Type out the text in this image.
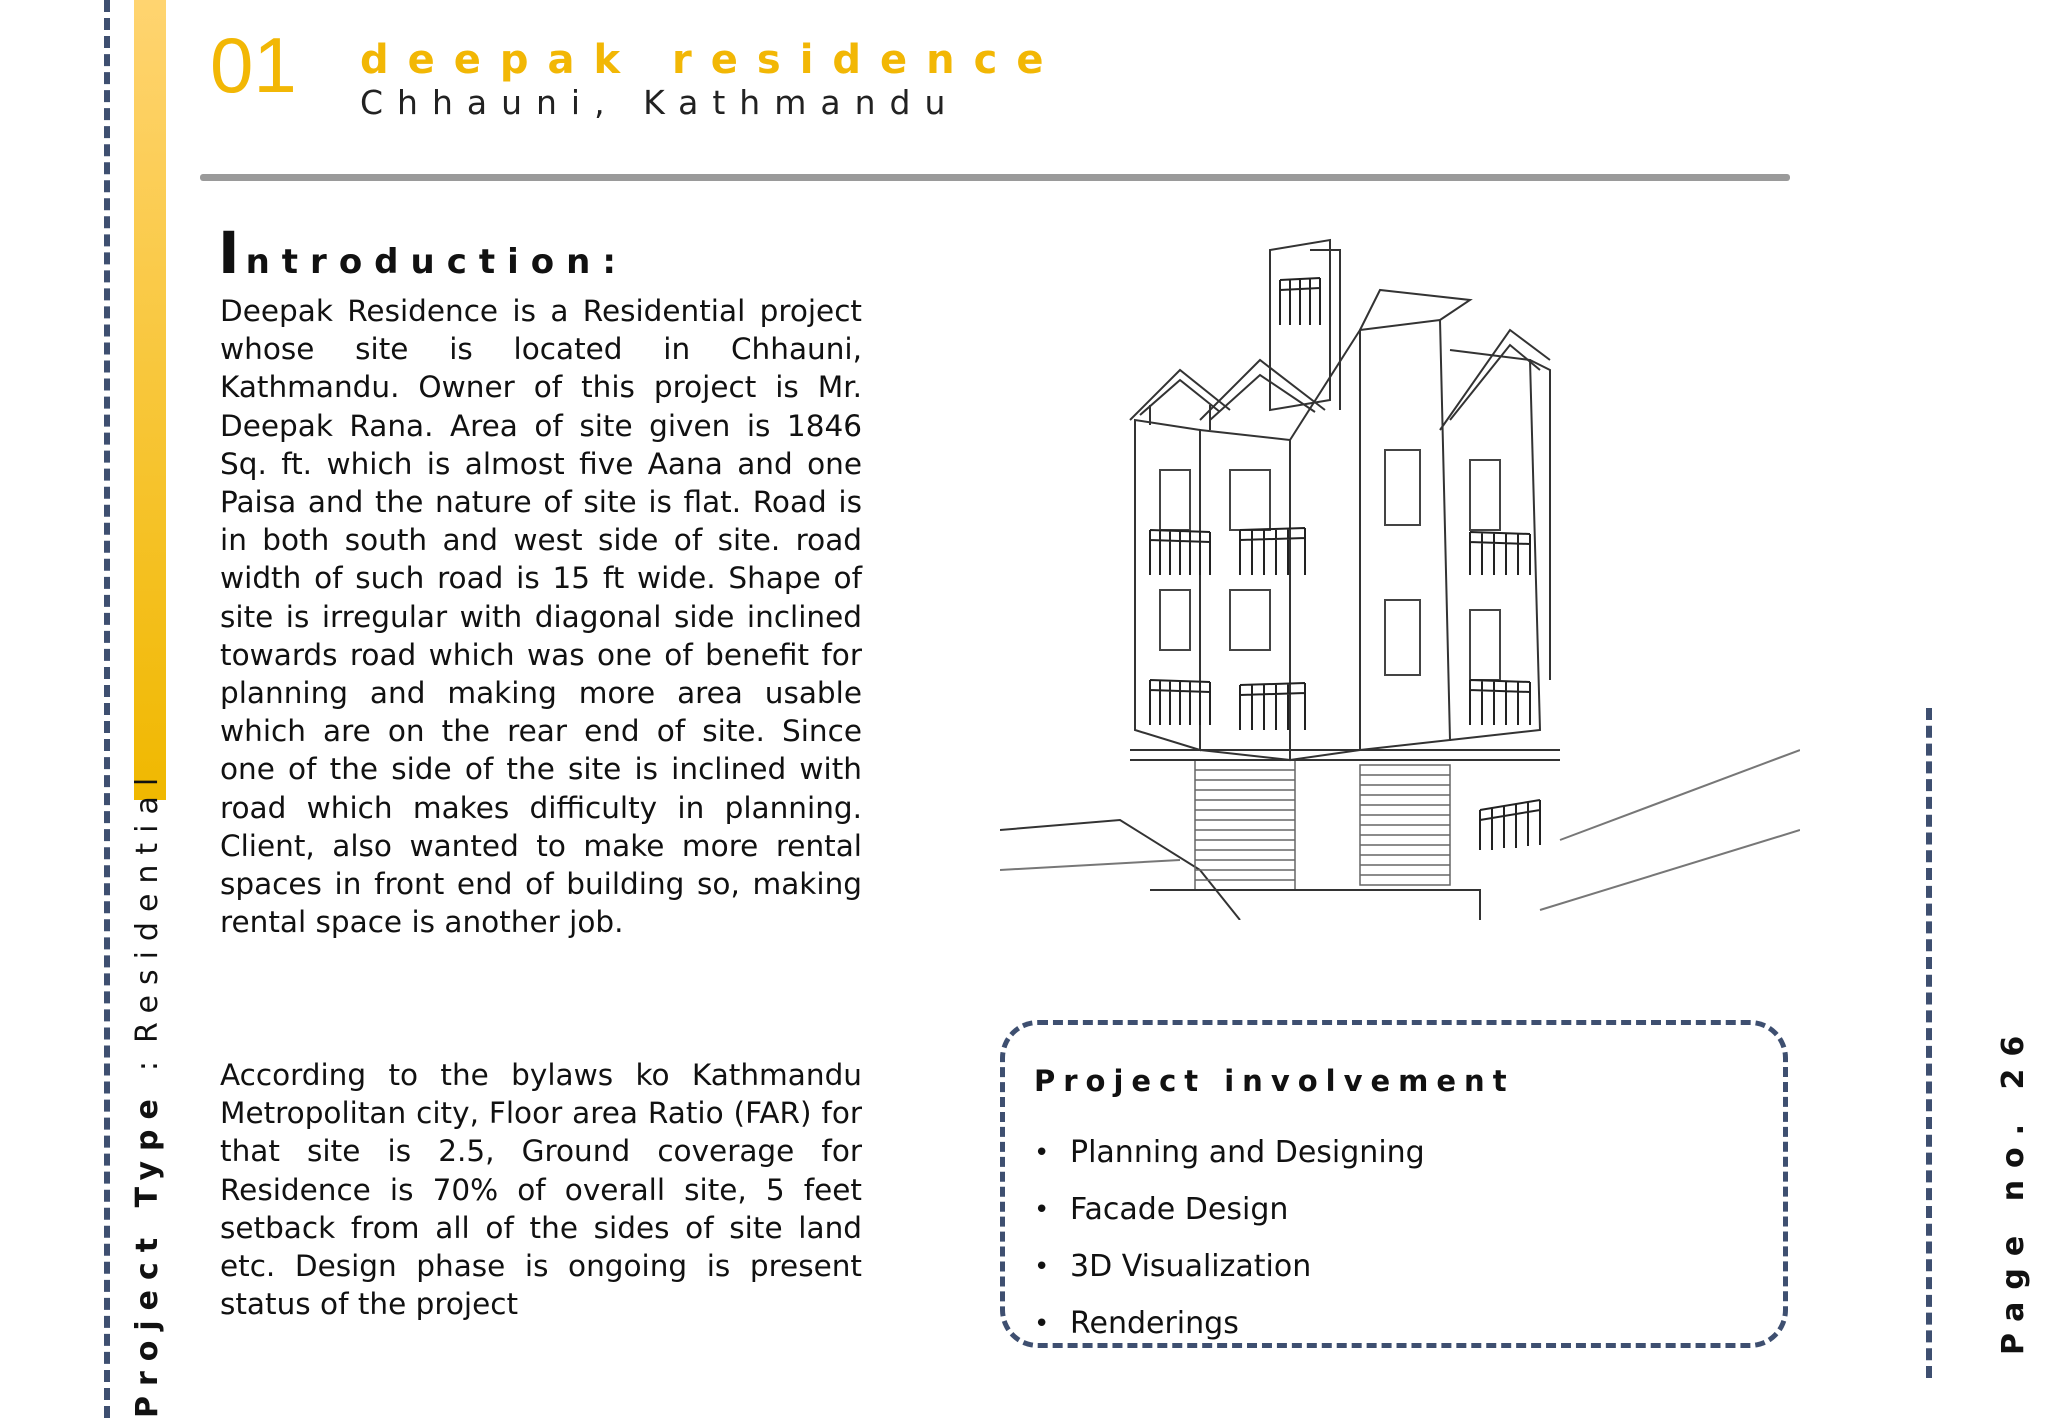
Project Type:Residential
01 deepak residence
Chhauni, Kathmandu
Introduction:
Deepak Residence is a Residential project whose site is located in Chhauni, Kathmandu. Owner of this project is Mr. Deepak Rana. Area of site given is 1846 Sq. ft. which is almost five Aana and one Paisa and the nature of site is flat. Road is in both south and west side of site. road width of such road is 15 ft wide. Shape of site is irregular with diagonal side inclined towards road which was one of benefit for planning and making more area usable which are on the rear end of site. Since one of the side of the site is inclined with road which makes difficulty in planning. Client, also wanted to make more rental spaces in front end of building so, making rental space is another job.
According to the bylaws ko Kathmandu Metropolitan city, Floor area Ratio (FAR) for that site is 2.5, Ground coverage for Residence is 70% of overall site, 5 feet setback from all of the sides of site land etc. Design phase is ongoing is present status of the project
Project involvement
• Planning and Designing
• Facade Design
• 3D Visualization
• Renderings	Page no. 26
